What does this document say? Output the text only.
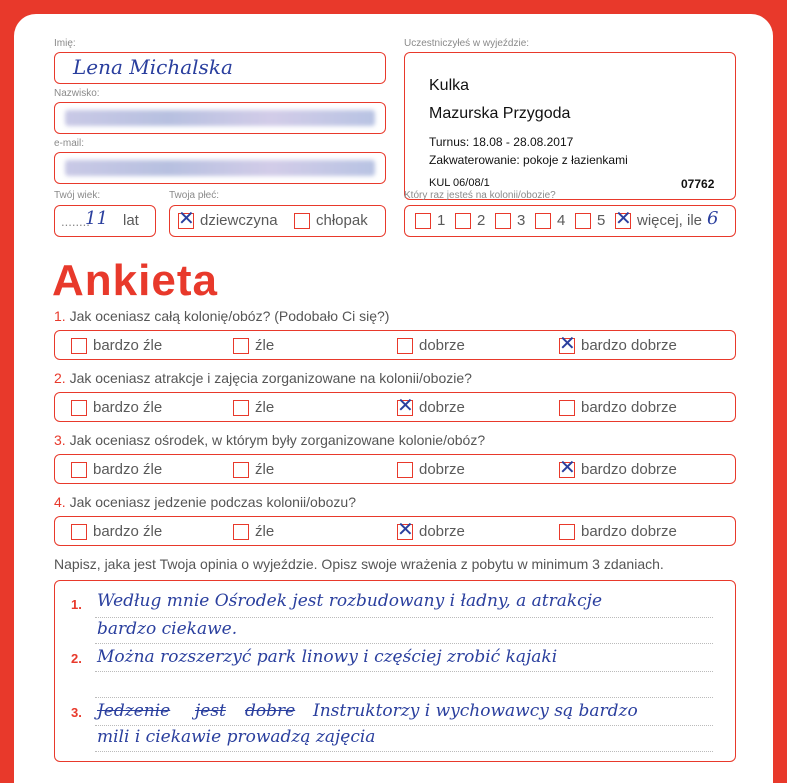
Imię:
Lena Michalska
Nazwisko:
e-mail:
Twój wiek:
........
11 lat
Twoja płeć:
✕dziewczyna	chłopak
Uczestniczyłeś w wyjeździe:
Kulka
Mazurska Przygoda
Turnus: 18.08 - 28.08.2017
Zakwaterowanie: pokoje z łazienkami
KUL 06/08/1	07762
Który raz jesteś na kolonii/obozie?
1	2	3	4	5 ✕	więcej, ile 6
Ankieta
1. Jak oceniasz całą kolonię/obóz? (Podobało Ci się?)
bardzo źle	źle	dobrze ✕	bardzo dobrze
2. Jak oceniasz atrakcje i zajęcia zorganizowane na kolonii/obozie?
bardzo źle	źle ✕	dobrze	bardzo dobrze
3. Jak oceniasz ośrodek, w którym były zorganizowane kolonie/obóz?
bardzo źle	źle	dobrze ✕	bardzo dobrze
4. Jak oceniasz jedzenie podczas kolonii/obozu?
bardzo źle	źle ✕	dobrze	bardzo dobrze
Napisz, jaka jest Twoja opinia o wyjeździe. Opisz swoje wrażenia z pobytu w minimum 3 zdaniach.
1.
2.
3.
Według mnie Ośrodek jest rozbudowany i ładny, a atrakcje
bardzo ciekawe.
Można rozszerzyć park linowy i częściej zrobić kajaki
Jedzenie jest dobre Instruktorzy i wychowawcy są bardzo
mili i ciekawie prowadzą zajęcia
